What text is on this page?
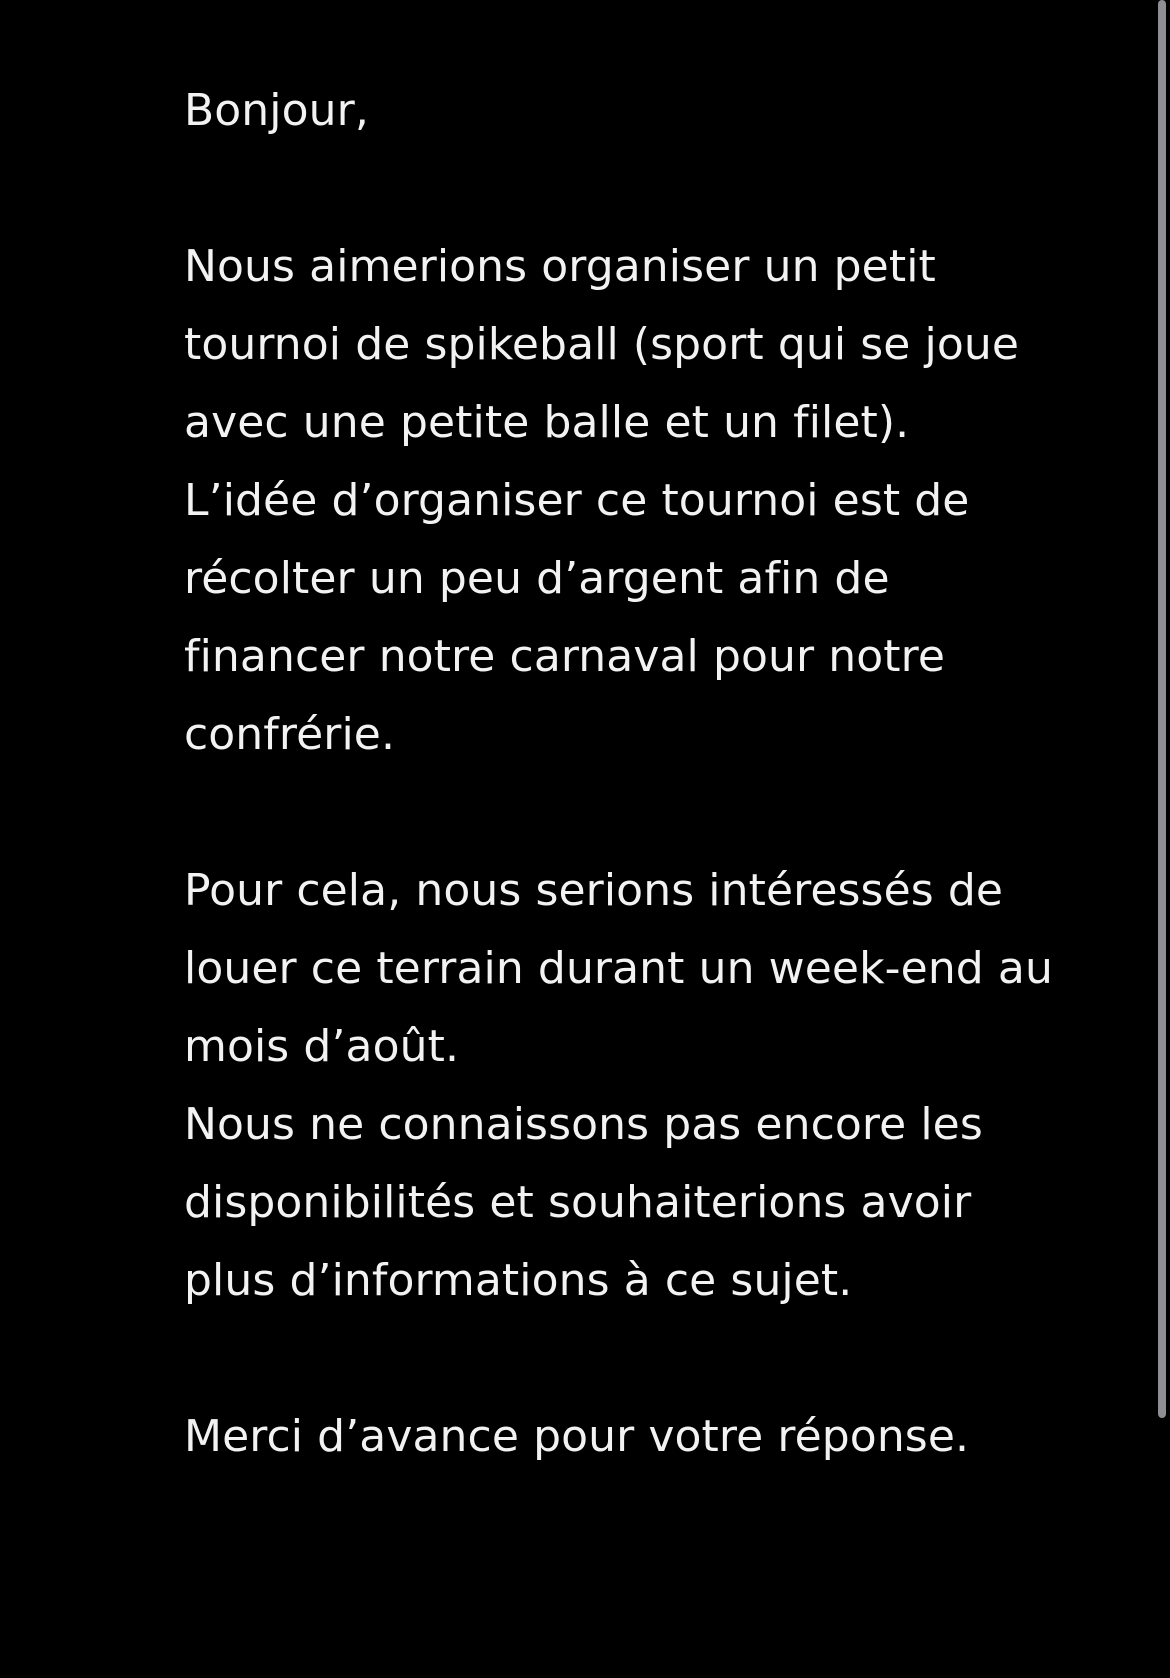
Bonjour,
Nous aimerions organiser un petit
tournoi de spikeball (sport qui se joue
avec une petite balle et un filet).
L’idée d’organiser ce tournoi est de
récolter un peu d’argent afin de
financer notre carnaval pour notre
confrérie.
Pour cela, nous serions intéressés de
louer ce terrain durant un week-end au
mois d’août.
Nous ne connaissons pas encore les
disponibilités et souhaiterions avoir
plus d’informations à ce sujet.
Merci d’avance pour votre réponse.
